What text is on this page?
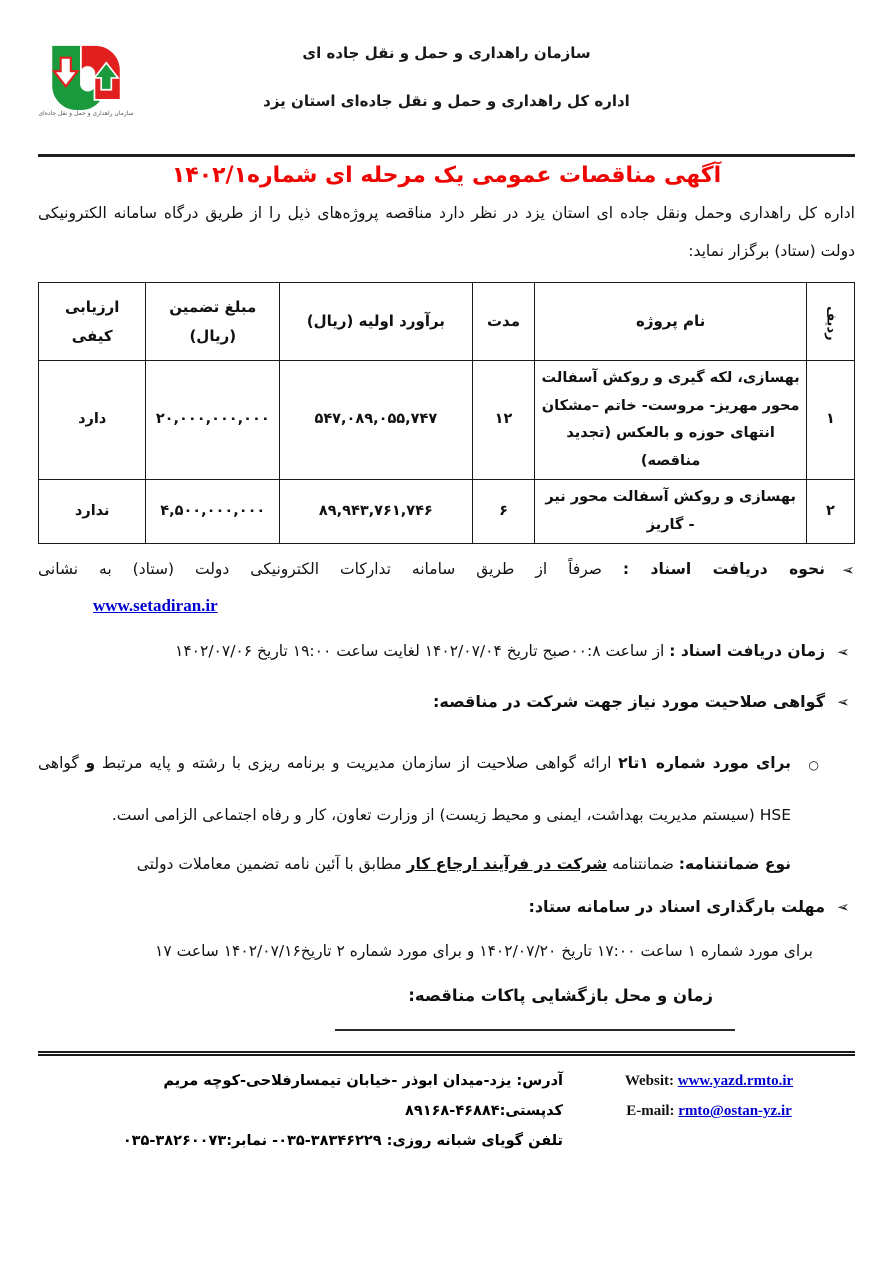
سازمان راهداری و حمل و نقل جاده ای
اداره کل راهداری و حمل و نقل جاده‌ای استان یزد
سازمان راهداری و حمل و نقل جاده‌ای
آگهی مناقصات عمومی یک مرحله ای شماره۱۴۰۲/۱

اداره کل راهداری وحمل ونقل جاده ای استان یزد در نظر دارد مناقصه پروژه‌های ذیل را از طریق درگاه سامانه الکترونیکی دولت (ستاد) برگزار نماید:

ردیف	نام پروژه	مدت	برآورد اولیه (ریال)	مبلغ تضمین (ریال)	ارزیابی کیفی
۱	بهسازی، لکه گیری و روکش آسفالت محور مهریز- مروست- خاتم –مشکان انتهای حوزه و بالعکس (تجدید مناقصه)	۱۲	۵۴۷,۰۸۹,۰۵۵,۷۴۷	۲۰,۰۰۰,۰۰۰,۰۰۰	دارد
۲	بهسازی و روکش آسفالت محور نیر - گاریز	۶	۸۹,۹۴۳,۷۶۱,۷۴۶	۴,۵۰۰,۰۰۰,۰۰۰	ندارد
➢
نحوه دریافت اسناد : صرفاً از طریق سامانه تدارکات الکترونیکی دولت (ستاد) به نشانی
www.setadiran.ir
➢
زمان دریافت اسناد : از ساعت ۰۰:۸صبح تاریخ ۱۴۰۲/۰۷/۰۴ لغایت ساعت ۱۹:۰۰ تاریخ ۱۴۰۲/۰۷/۰۶
➢
گواهی صلاحیت مورد نیاز جهت شرکت در مناقصه:
○
برای مورد شماره ۱تا۲ ارائه گواهی صلاحیت از سازمان مدیریت و برنامه ریزی با رشته و پایه مرتبط و گواهی HSE (سیستم مدیریت بهداشت، ایمنی و محیط زیست) از وزارت تعاون، کار و رفاه اجتماعی الزامی است.
نوع ضمانتنامه: ضمانتنامه شرکت در فرآیند ارجاع کار مطابق با آئین نامه تضمین معاملات دولتی
➢
مهلت بارگذاری اسناد در سامانه ستاد:
برای مورد شماره ۱ ساعت ۱۷:۰۰ تاریخ ۱۴۰۲/۰۷/۲۰ و برای مورد شماره ۲ تاریخ۱۴۰۲/۰۷/۱۶ ساعت ۱۷
زمان و محل بازگشایی پاکات مناقصه:
آدرس: یزد-میدان ابوذر -خیابان تیمسارفلاحی-کوچه مریم کدپستی:۴۶۸۸۴-۸۹۱۶۸
تلفن گویای شبانه روزی: ۳۸۳۴۶۲۲۹-۰۳۵- نمابر:۳۸۲۶۰۰۷۳-۰۳۵
Websit: www.yazd.rmto.ir
E-mail: rmto@ostan-yz.ir
